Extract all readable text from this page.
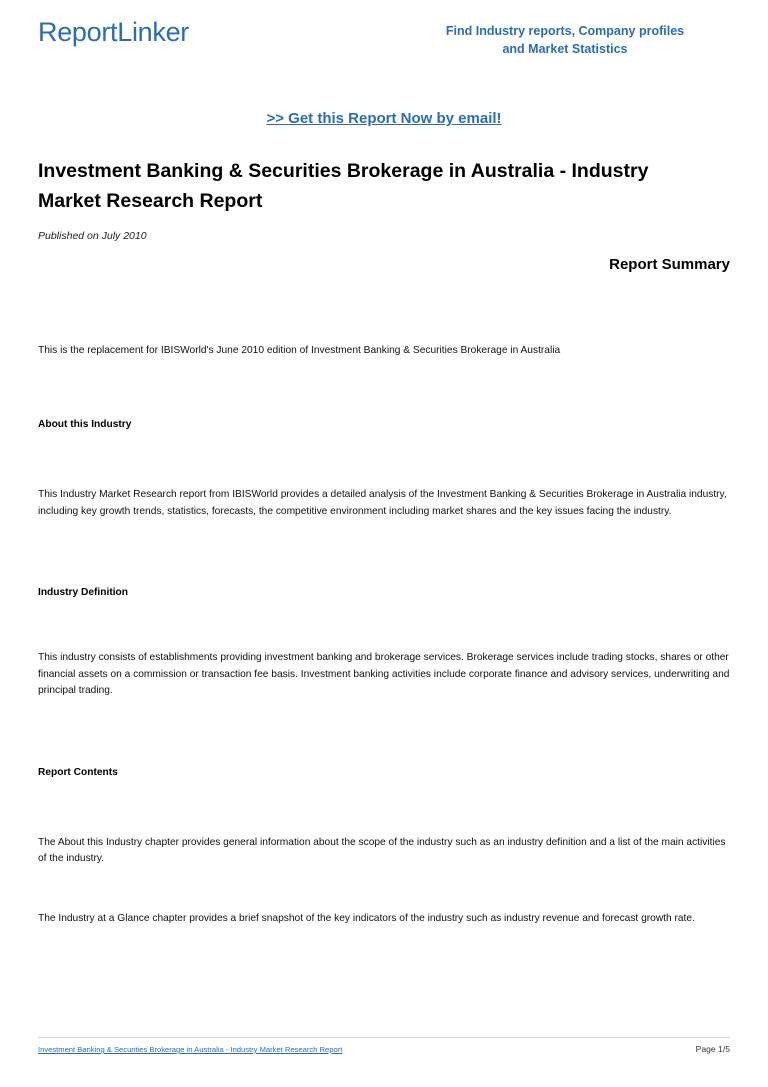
ReportLinker	Find Industry reports, Company profiles
and Market Statistics
>> Get this Report Now by email!
Investment Banking & Securities Brokerage in Australia - Industry
Market Research Report
Published on July 2010
Report Summary
This is the replacement for IBISWorld's June 2010 edition of Investment Banking & Securities Brokerage in Australia
About this Industry
This Industry Market Research report from IBISWorld provides a detailed analysis of the Investment Banking & Securities Brokerage in Australia industry, including key growth trends, statistics, forecasts, the competitive environment including market shares and the key issues facing the industry.
Industry Definition
This industry consists of establishments providing investment banking and brokerage services. Brokerage services include trading stocks, shares or other financial assets on a commission or transaction fee basis. Investment banking activities include corporate finance and advisory services, underwriting and principal trading.
Report Contents
The About this Industry chapter provides general information about the scope of the industry such as an industry definition and a list of the main activities of the industry.
The Industry at a Glance chapter provides a brief snapshot of the key indicators of the industry such as industry revenue and forecast growth rate.
Investment Banking & Securities Brokerage in Australia - Industry Market Research Report	Page 1/5
